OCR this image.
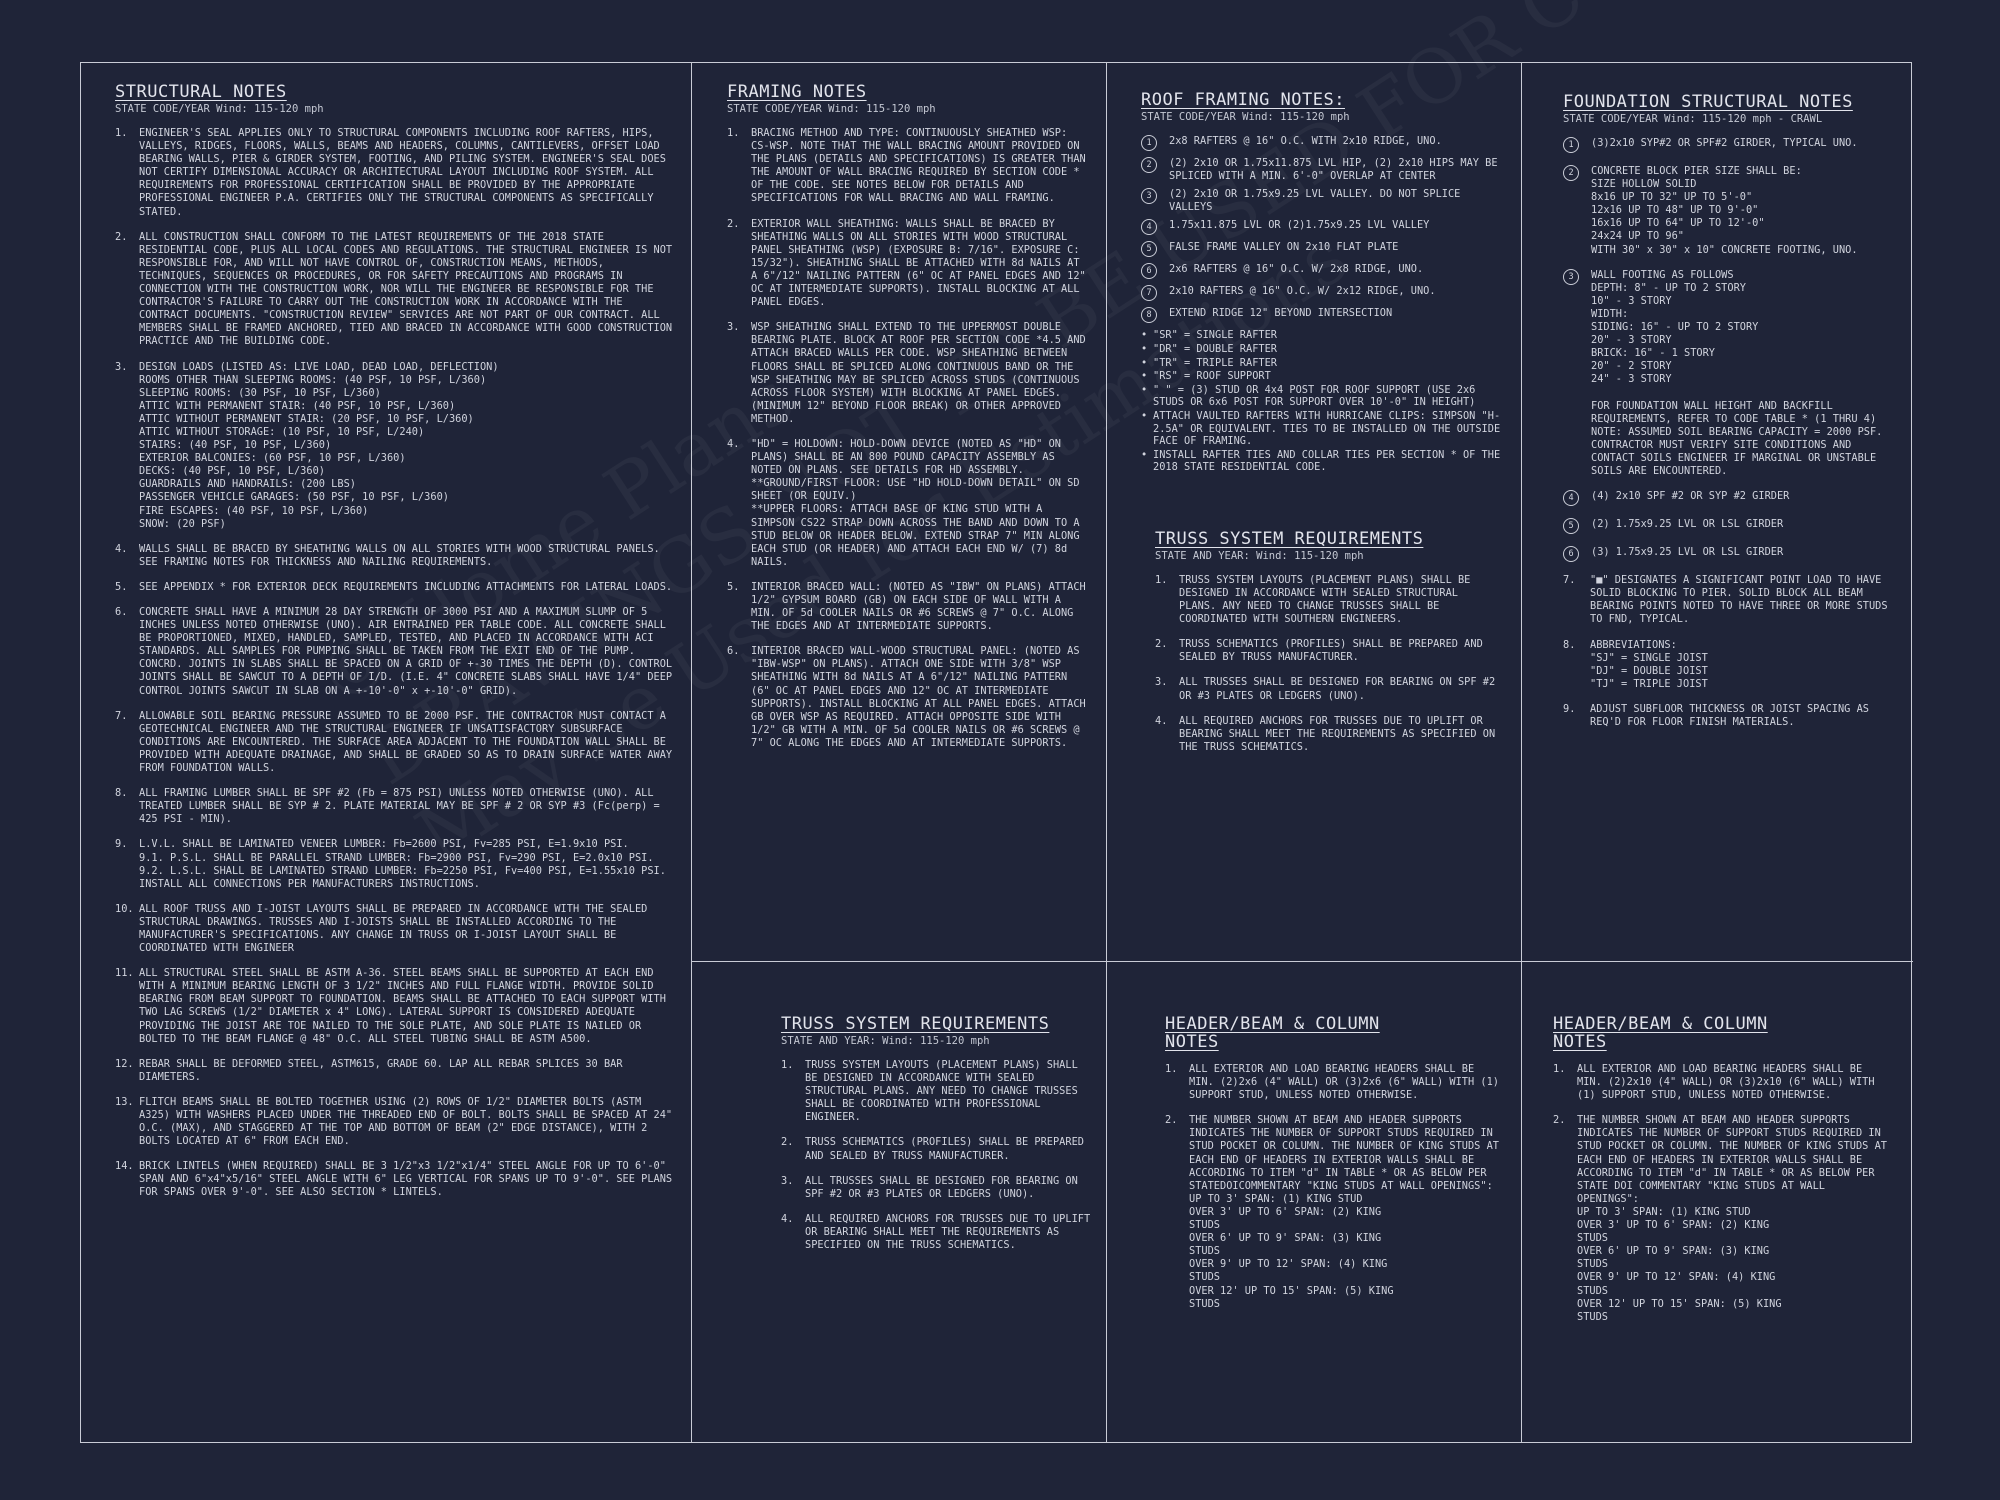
STRUCTURAL NOTES
STATE CODE/YEAR Wind: 115-120 mph
1.	ENGINEER'S SEAL APPLIES ONLY TO STRUCTURAL COMPONENTS INCLUDING ROOF RAFTERS, HIPS, VALLEYS, RIDGES, FLOORS, WALLS, BEAMS AND HEADERS, COLUMNS, CANTILEVERS, OFFSET LOAD BEARING WALLS, PIER & GIRDER SYSTEM, FOOTING, AND PILING SYSTEM. ENGINEER'S SEAL DOES NOT CERTIFY DIMENSIONAL ACCURACY OR ARCHITECTURAL LAYOUT INCLUDING ROOF SYSTEM. ALL REQUIREMENTS FOR PROFESSIONAL CERTIFICATION SHALL BE PROVIDED BY THE APPROPRIATE PROFESSIONAL ENGINEER P.A. CERTIFIES ONLY THE STRUCTURAL COMPONENTS AS SPECIFICALLY STATED.
2.	ALL CONSTRUCTION SHALL CONFORM TO THE LATEST REQUIREMENTS OF THE 2018 STATE RESIDENTIAL CODE, PLUS ALL LOCAL CODES AND REGULATIONS. THE STRUCTURAL ENGINEER IS NOT RESPONSIBLE FOR, AND WILL NOT HAVE CONTROL OF, CONSTRUCTION MEANS, METHODS, TECHNIQUES, SEQUENCES OR PROCEDURES, OR FOR SAFETY PRECAUTIONS AND PROGRAMS IN CONNECTION WITH THE CONSTRUCTION WORK, NOR WILL THE ENGINEER BE RESPONSIBLE FOR THE CONTRACTOR'S FAILURE TO CARRY OUT THE CONSTRUCTION WORK IN ACCORDANCE WITH THE CONTRACT DOCUMENTS. "CONSTRUCTION REVIEW" SERVICES ARE NOT PART OF OUR CONTRACT. ALL MEMBERS SHALL BE FRAMED ANCHORED, TIED AND BRACED IN ACCORDANCE WITH GOOD CONSTRUCTION PRACTICE AND THE BUILDING CODE.
3.	DESIGN LOADS (LISTED AS: LIVE LOAD, DEAD LOAD, DEFLECTION)
ROOMS OTHER THAN SLEEPING ROOMS: (40 PSF, 10 PSF, L/360)
SLEEPING ROOMS: (30 PSF, 10 PSF, L/360)
ATTIC WITH PERMANENT STAIR: (40 PSF, 10 PSF, L/360)
ATTIC WITHOUT PERMANENT STAIR: (20 PSF, 10 PSF, L/360)
ATTIC WITHOUT STORAGE: (10 PSF, 10 PSF, L/240)
STAIRS: (40 PSF, 10 PSF, L/360)
EXTERIOR BALCONIES: (60 PSF, 10 PSF, L/360)
DECKS: (40 PSF, 10 PSF, L/360)
GUARDRAILS AND HANDRAILS: (200 LBS)
PASSENGER VEHICLE GARAGES: (50 PSF, 10 PSF, L/360)
FIRE ESCAPES: (40 PSF, 10 PSF, L/360)
SNOW: (20 PSF)
4.	WALLS SHALL BE BRACED BY SHEATHING WALLS ON ALL STORIES WITH WOOD STRUCTURAL PANELS. SEE FRAMING NOTES FOR THICKNESS AND NAILING REQUIREMENTS.
5.	SEE APPENDIX * FOR EXTERIOR DECK REQUIREMENTS INCLUDING ATTACHMENTS FOR LATERAL LOADS.
6.	CONCRETE SHALL HAVE A MINIMUM 28 DAY STRENGTH OF 3000 PSI AND A MAXIMUM SLUMP OF 5 INCHES UNLESS NOTED OTHERWISE (UNO). AIR ENTRAINED PER TABLE CODE. ALL CONCRETE SHALL BE PROPORTIONED, MIXED, HANDLED, SAMPLED, TESTED, AND PLACED IN ACCORDANCE WITH ACI STANDARDS. ALL SAMPLES FOR PUMPING SHALL BE TAKEN FROM THE EXIT END OF THE PUMP. CONCRD. JOINTS IN SLABS SHALL BE SPACED ON A GRID OF +-30 TIMES THE DEPTH (D). CONTROL JOINTS SHALL BE SAWCUT TO A DEPTH OF I/D. (I.E. 4" CONCRETE SLABS SHALL HAVE 1/4" DEEP CONTROL JOINTS SAWCUT IN SLAB ON A +-10'-0" x +-10'-0" GRID).
7.	ALLOWABLE SOIL BEARING PRESSURE ASSUMED TO BE 2000 PSF. THE CONTRACTOR MUST CONTACT A GEOTECHNICAL ENGINEER AND THE STRUCTURAL ENGINEER IF UNSATISFACTORY SUBSURFACE CONDITIONS ARE ENCOUNTERED. THE SURFACE AREA ADJACENT TO THE FOUNDATION WALL SHALL BE PROVIDED WITH ADEQUATE DRAINAGE, AND SHALL BE GRADED SO AS TO DRAIN SURFACE WATER AWAY FROM FOUNDATION WALLS.
8.	ALL FRAMING LUMBER SHALL BE SPF #2 (Fb = 875 PSI) UNLESS NOTED OTHERWISE (UNO). ALL TREATED LUMBER SHALL BE SYP # 2. PLATE MATERIAL MAY BE SPF # 2 OR SYP #3 (Fc(perp) = 425 PSI - MIN).
9.	L.V.L. SHALL BE LAMINATED VENEER LUMBER: Fb=2600 PSI, Fv=285 PSI, E=1.9x10 PSI.
9.1. P.S.L. SHALL BE PARALLEL STRAND LUMBER: Fb=2900 PSI, Fv=290 PSI, E=2.0x10 PSI.
9.2. L.S.L. SHALL BE LAMINATED STRAND LUMBER: Fb=2250 PSI, Fv=400 PSI, E=1.55x10 PSI. INSTALL ALL CONNECTIONS PER MANUFACTURERS INSTRUCTIONS.
10. ALL ROOF TRUSS AND I-JOIST LAYOUTS SHALL BE PREPARED IN ACCORDANCE WITH THE SEALED STRUCTURAL DRAWINGS. TRUSSES AND I-JOISTS SHALL BE INSTALLED ACCORDING TO THE MANUFACTURER'S SPECIFICATIONS. ANY CHANGE IN TRUSS OR I-JOIST LAYOUT SHALL BE COORDINATED WITH ENGINEER
11. ALL STRUCTURAL STEEL SHALL BE ASTM A-36. STEEL BEAMS SHALL BE SUPPORTED AT EACH END WITH A MINIMUM BEARING LENGTH OF 3 1/2" INCHES AND FULL FLANGE WIDTH. PROVIDE SOLID BEARING FROM BEAM SUPPORT TO FOUNDATION. BEAMS SHALL BE ATTACHED TO EACH SUPPORT WITH TWO LAG SCREWS (1/2" DIAMETER x 4" LONG). LATERAL SUPPORT IS CONSIDERED ADEQUATE PROVIDING THE JOIST ARE TOE NAILED TO THE SOLE PLATE, AND SOLE PLATE IS NAILED OR BOLTED TO THE BEAM FLANGE @ 48" O.C. ALL STEEL TUBING SHALL BE ASTM A500.
12. REBAR SHALL BE DEFORMED STEEL, ASTM615, GRADE 60. LAP ALL REBAR SPLICES 30 BAR DIAMETERS.
13. FLITCH BEAMS SHALL BE BOLTED TOGETHER USING (2) ROWS OF 1/2" DIAMETER BOLTS (ASTM A325) WITH WASHERS PLACED UNDER THE THREADED END OF BOLT. BOLTS SHALL BE SPACED AT 24" O.C. (MAX), AND STAGGERED AT THE TOP AND BOTTOM OF BEAM (2" EDGE DISTANCE), WITH 2 BOLTS LOCATED AT 6" FROM EACH END.
14. BRICK LINTELS (WHEN REQUIRED) SHALL BE 3 1/2"x3 1/2"x1/4" STEEL ANGLE FOR UP TO 6'-0" SPAN AND 6"x4"x5/16" STEEL ANGLE WITH 6" LEG VERTICAL FOR SPANS UP TO 9'-0". SEE PLANS FOR SPANS OVER 9'-0". SEE ALSO SECTION * LINTELS.
FRAMING NOTES
STATE CODE/YEAR Wind: 115-120 mph
1.	BRACING METHOD AND TYPE: CONTINUOUSLY SHEATHED WSP: CS-WSP. NOTE THAT THE WALL BRACING AMOUNT PROVIDED ON THE PLANS (DETAILS AND SPECIFICATIONS) IS GREATER THAN THE AMOUNT OF WALL BRACING REQUIRED BY SECTION CODE * OF THE CODE. SEE NOTES BELOW FOR DETAILS AND SPECIFICATIONS FOR WALL BRACING AND WALL FRAMING.
2.	EXTERIOR WALL SHEATHING: WALLS SHALL BE BRACED BY SHEATHING WALLS ON ALL STORIES WITH WOOD STRUCTURAL PANEL SHEATHING (WSP) (EXPOSURE B: 7/16". EXPOSURE C: 15/32"). SHEATHING SHALL BE ATTACHED WITH 8d NAILS AT A 6"/12" NAILING PATTERN (6" OC AT PANEL EDGES AND 12" OC AT INTERMEDIATE SUPPORTS). INSTALL BLOCKING AT ALL PANEL EDGES.
3.	WSP SHEATHING SHALL EXTEND TO THE UPPERMOST DOUBLE BEARING PLATE. BLOCK AT ROOF PER SECTION CODE *4.5 AND ATTACH BRACED WALLS PER CODE. WSP SHEATHING BETWEEN FLOORS SHALL BE SPLICED ALONG CONTINUOUS BAND OR THE WSP SHEATHING MAY BE SPLICED ACROSS STUDS (CONTINUOUS ACROSS FLOOR SYSTEM) WITH BLOCKING AT PANEL EDGES. (MINIMUM 12" BEYOND FLOOR BREAK) OR OTHER APPROVED METHOD.
4.	"HD" = HOLDOWN: HOLD-DOWN DEVICE (NOTED AS "HD" ON PLANS) SHALL BE AN 800 POUND CAPACITY ASSEMBLY AS NOTED ON PLANS. SEE DETAILS FOR HD ASSEMBLY.
**GROUND/FIRST FLOOR: USE "HD HOLD-DOWN DETAIL" ON SD SHEET (OR EQUIV.)
**UPPER FLOORS: ATTACH BASE OF KING STUD WITH A SIMPSON CS22 STRAP DOWN ACROSS THE BAND AND DOWN TO A STUD BELOW OR HEADER BELOW. EXTEND STRAP 7" MIN ALONG EACH STUD (OR HEADER) AND ATTACH EACH END W/ (7) 8d NAILS.
5.	INTERIOR BRACED WALL: (NOTED AS "IBW" ON PLANS) ATTACH 1/2" GYPSUM BOARD (GB) ON EACH SIDE OF WALL WITH A MIN. OF 5d COOLER NAILS OR #6 SCREWS @ 7" O.C. ALONG THE EDGES AND AT INTERMEDIATE SUPPORTS.
6.	INTERIOR BRACED WALL-WOOD STRUCTURAL PANEL: (NOTED AS "IBW-WSP" ON PLANS). ATTACH ONE SIDE WITH 3/8" WSP SHEATHING WITH 8d NAILS AT A 6"/12" NAILING PATTERN (6" OC AT PANEL EDGES AND 12" OC AT INTERMEDIATE SUPPORTS). INSTALL BLOCKING AT ALL PANEL EDGES. ATTACH GB OVER WSP AS REQUIRED. ATTACH OPPOSITE SIDE WITH 1/2" GB WITH A MIN. OF 5d COOLER NAILS OR #6 SCREWS @ 7" OC ALONG THE EDGES AND AT INTERMEDIATE SUPPORTS.
ROOF FRAMING NOTES:
STATE CODE/YEAR Wind: 115-120 mph
1	2x8 RAFTERS @ 16" O.C. WITH 2x10 RIDGE, UNO.
2	(2) 2x10 OR 1.75x11.875 LVL HIP, (2) 2x10 HIPS MAY BE SPLICED WITH A MIN. 6'-0" OVERLAP AT CENTER
3	(2) 2x10 OR 1.75x9.25 LVL VALLEY. DO NOT SPLICE VALLEYS
4	1.75x11.875 LVL OR (2)1.75x9.25 LVL VALLEY
5	FALSE FRAME VALLEY ON 2x10 FLAT PLATE
6	2x6 RAFTERS @ 16" O.C. W/ 2x8 RIDGE, UNO.
7	2x10 RAFTERS @ 16" O.C. W/ 2x12 RIDGE, UNO.
8	EXTEND RIDGE 12" BEYOND INTERSECTION
• "SR" = SINGLE RAFTER
• "DR" = DOUBLE RAFTER
• "TR" = TRIPLE RAFTER
• "RS" = ROOF SUPPORT
• " " = (3) STUD OR 4x4 POST FOR ROOF SUPPORT (USE 2x6 STUDS OR 6x6 POST FOR SUPPORT OVER 10'-0" IN HEIGHT)
• ATTACH VAULTED RAFTERS WITH HURRICANE CLIPS: SIMPSON "H-2.5A" OR EQUIVALENT. TIES TO BE INSTALLED ON THE OUTSIDE FACE OF FRAMING.
• INSTALL RAFTER TIES AND COLLAR TIES PER SECTION * OF THE 2018 STATE RESIDENTIAL CODE.
TRUSS SYSTEM REQUIREMENTS
STATE AND YEAR: Wind: 115-120 mph
1.	TRUSS SYSTEM LAYOUTS (PLACEMENT PLANS) SHALL BE DESIGNED IN ACCORDANCE WITH SEALED STRUCTURAL PLANS. ANY NEED TO CHANGE TRUSSES SHALL BE COORDINATED WITH SOUTHERN ENGINEERS.
2.	TRUSS SCHEMATICS (PROFILES) SHALL BE PREPARED AND SEALED BY TRUSS MANUFACTURER.
3.	ALL TRUSSES SHALL BE DESIGNED FOR BEARING ON SPF #2 OR #3 PLATES OR LEDGERS (UNO).
4.	ALL REQUIRED ANCHORS FOR TRUSSES DUE TO UPLIFT OR BEARING SHALL MEET THE REQUIREMENTS AS SPECIFIED ON THE TRUSS SCHEMATICS.
FOUNDATION STRUCTURAL NOTES
STATE CODE/YEAR Wind: 115-120 mph - CRAWL
1	(3)2x10 SYP#2 OR SPF#2 GIRDER, TYPICAL UNO.
2	CONCRETE BLOCK PIER SIZE SHALL BE:
SIZE HOLLOW SOLID
8x16 UP TO 32" UP TO 5'-0"
12x16 UP TO 48" UP TO 9'-0"
16x16 UP TO 64" UP TO 12'-0"
24x24 UP TO 96"
WITH 30" x 30" x 10" CONCRETE FOOTING, UNO.
3	WALL FOOTING AS FOLLOWS
DEPTH: 8" - UP TO 2 STORY
10" - 3 STORY
WIDTH:
SIDING: 16" - UP TO 2 STORY
20" - 3 STORY
BRICK: 16" - 1 STORY
20" - 2 STORY
24" - 3 STORY

FOR FOUNDATION WALL HEIGHT AND BACKFILL REQUIREMENTS, REFER TO CODE TABLE * (1 THRU 4) NOTE: ASSUMED SOIL BEARING CAPACITY = 2000 PSF. CONTRACTOR MUST VERIFY SITE CONDITIONS AND CONTACT SOILS ENGINEER IF MARGINAL OR UNSTABLE SOILS ARE ENCOUNTERED.
4	(4) 2x10 SPF #2 OR SYP #2 GIRDER
5	(2) 1.75x9.25 LVL OR LSL GIRDER
6	(3) 1.75x9.25 LVL OR LSL GIRDER
7.	"■" DESIGNATES A SIGNIFICANT POINT LOAD TO HAVE SOLID BLOCKING TO PIER. SOLID BLOCK ALL BEAM BEARING POINTS NOTED TO HAVE THREE OR MORE STUDS TO FND, TYPICAL.
8.	ABBREVIATIONS:
"SJ" = SINGLE JOIST
"DJ" = DOUBLE JOIST
"TJ" = TRIPLE JOIST
9.	ADJUST SUBFLOOR THICKNESS OR JOIST SPACING AS REQ'D FOR FLOOR FINISH MATERIALS.
TRUSS SYSTEM REQUIREMENTS
STATE AND YEAR: Wind: 115-120 mph
1.	TRUSS SYSTEM LAYOUTS (PLACEMENT PLANS) SHALL BE DESIGNED IN ACCORDANCE WITH SEALED STRUCTURAL PLANS. ANY NEED TO CHANGE TRUSSES SHALL BE COORDINATED WITH PROFESSIONAL ENGINEER.
2.	TRUSS SCHEMATICS (PROFILES) SHALL BE PREPARED AND SEALED BY TRUSS MANUFACTURER.
3.	ALL TRUSSES SHALL BE DESIGNED FOR BEARING ON SPF #2 OR #3 PLATES OR LEDGERS (UNO).
4.	ALL REQUIRED ANCHORS FOR TRUSSES DUE TO UPLIFT OR BEARING SHALL MEET THE REQUIREMENTS AS SPECIFIED ON THE TRUSS SCHEMATICS.
HEADER/BEAM & COLUMN
NOTES
1.	ALL EXTERIOR AND LOAD BEARING HEADERS SHALL BE MIN. (2)2x6 (4" WALL) OR (3)2x6 (6" WALL) WITH (1) SUPPORT STUD, UNLESS NOTED OTHERWISE.
2.	THE NUMBER SHOWN AT BEAM AND HEADER SUPPORTS INDICATES THE NUMBER OF SUPPORT STUDS REQUIRED IN STUD POCKET OR COLUMN. THE NUMBER OF KING STUDS AT EACH END OF HEADERS IN EXTERIOR WALLS SHALL BE ACCORDING TO ITEM "d" IN TABLE * OR AS BELOW PER STATEDOICOMMENTARY "KING STUDS AT WALL OPENINGS":
UP TO 3' SPAN: (1) KING STUD
OVER 3' UP TO 6' SPAN: (2) KING
STUDS
OVER 6' UP TO 9' SPAN: (3) KING
STUDS
OVER 9' UP TO 12' SPAN: (4) KING
STUDS
OVER 12' UP TO 15' SPAN: (5) KING
STUDS
HEADER/BEAM & COLUMN
NOTES
1.	ALL EXTERIOR AND LOAD BEARING HEADERS SHALL BE MIN. (2)2x10 (4" WALL) OR (3)2x10 (6" WALL) WITH (1) SUPPORT STUD, UNLESS NOTED OTHERWISE.
2.	THE NUMBER SHOWN AT BEAM AND HEADER SUPPORTS INDICATES THE NUMBER OF SUPPORT STUDS REQUIRED IN STUD POCKET OR COLUMN. THE NUMBER OF KING STUDS AT EACH END OF HEADERS IN EXTERIOR WALLS SHALL BE ACCORDING TO ITEM "d" IN TABLE * OR AS BELOW PER STATE DOI COMMENTARY "KING STUDS AT WALL OPENINGS":
UP TO 3' SPAN: (1) KING STUD
OVER 3' UP TO 6' SPAN: (2) KING
STUDS
OVER 6' UP TO 9' SPAN: (3) KING
STUDS
OVER 9' UP TO 12' SPAN: (4) KING
STUDS
OVER 12' UP TO 15' SPAN: (5) KING
STUDS
